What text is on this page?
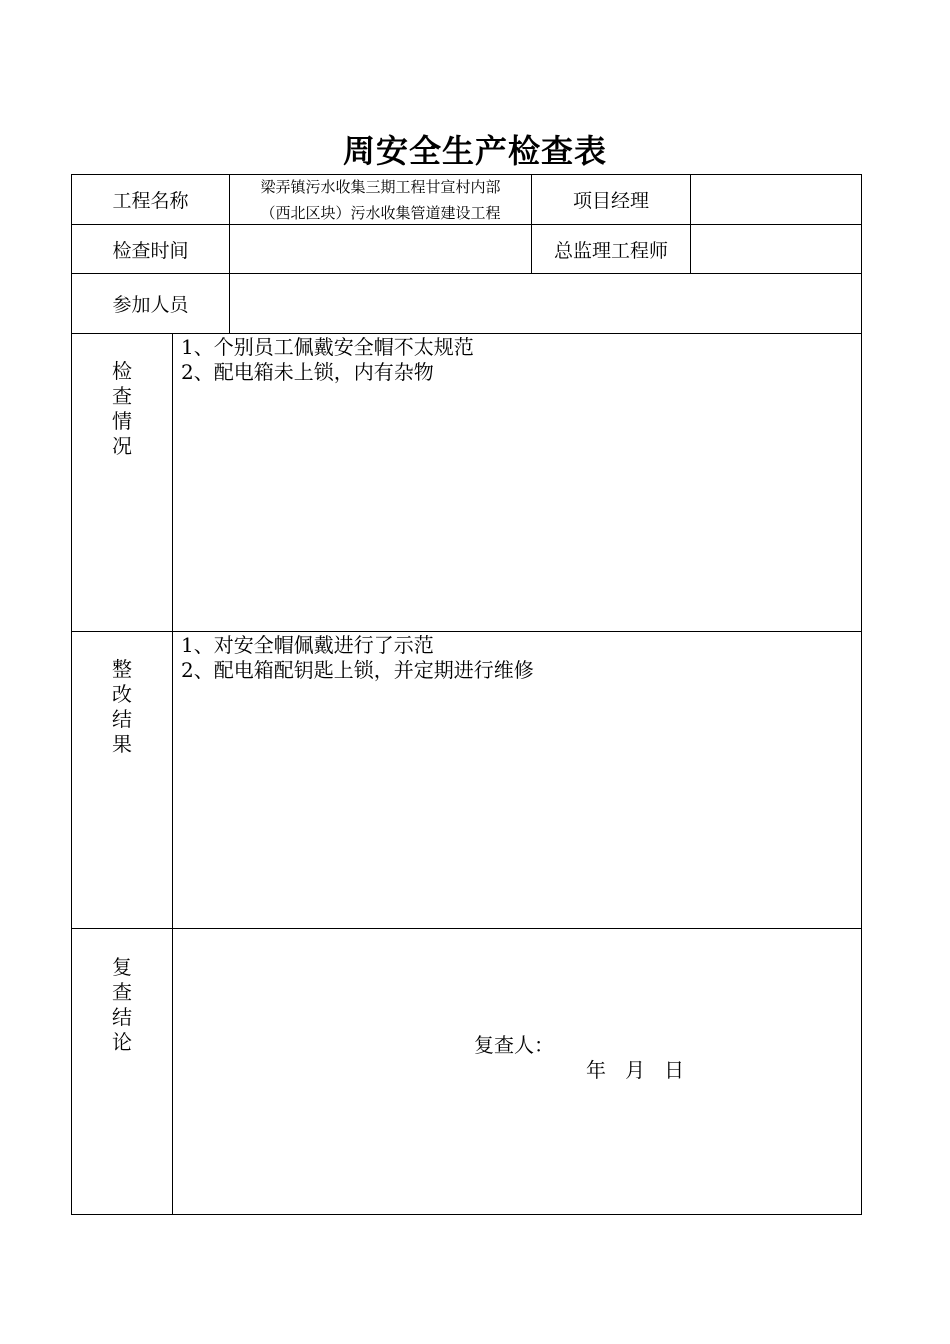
周安全生产检查表
工程名称
梁弄镇污水收集三期工程甘宣村内部
（西北区块）污水收集管道建设工程
项目经理
检查时间	总监理工程师
参加人员
检
查
情
况
1、个别员工佩戴安全帽不太规范
2、配电箱未上锁，内有杂物
整
改
结
果
1、对安全帽佩戴进行了示范
2、配电箱配钥匙上锁，并定期进行维修
复
查
结
论	复查人：
年   月   日
